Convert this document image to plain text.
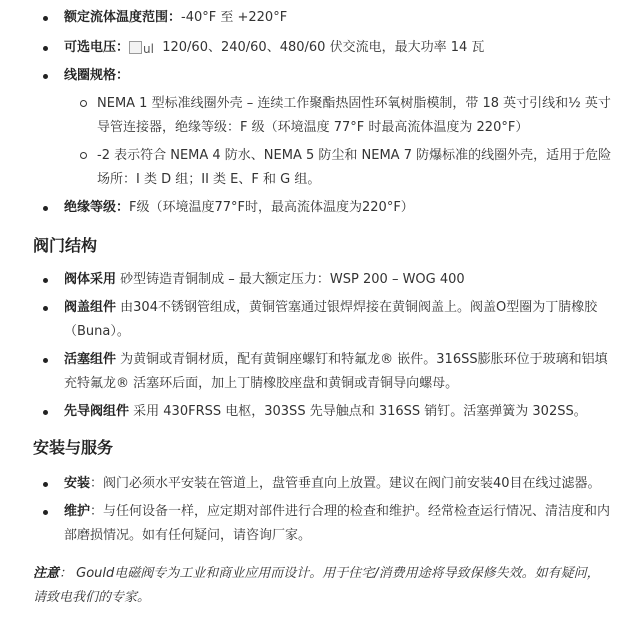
额定流体温度范围：-40°F 至 +220°F
可选电压： ul 120/60、240/60、480/60 伏交流电，最大功率 14 瓦
线圈规格：
NEMA 1 型标准线圈外壳 – 连续工作聚酯热固性环氧树脂模制，带 18 英寸引线和½ 英寸导管连接器，绝缘等级：F 级（环境温度 77°F 时最高流体温度为 220°F）
-2 表示符合 NEMA 4 防水、NEMA 5 防尘和 NEMA 7 防爆标准的线圈外壳，适用于危险场所：I 类 D 组；II 类 E、F 和 G 组。
绝缘等级：F级（环境温度77°F时，最高流体温度为220°F）
阀门结构
阀体采用 砂型铸造青铜制成 – 最大额定压力：WSP 200 – WOG 400
阀盖组件 由304不锈钢管组成，黄铜管塞通过银焊焊接在黄铜阀盖上。阀盖O型圈为丁腈橡胶（Buna）。
活塞组件 为黄铜或青铜材质，配有黄铜座螺钉和特氟龙® 嵌件。316SS膨胀环位于玻璃和铝填充特氟龙® 活塞环后面，加上丁腈橡胶座盘和黄铜或青铜导向螺母。
先导阀组件 采用 430FRSS 电枢，303SS 先导触点和 316SS 销钉。活塞弹簧为 302SS。
安装与服务
安装：阀门必须水平安装在管道上，盘管垂直向上放置。建议在阀门前安装40目在线过滤器。
维护：与任何设备一样，应定期对部件进行合理的检查和维护。经常检查运行情况、清洁度和内部磨损情况。如有任何疑问，请咨询厂家。

注意： Gould电磁阀专为工业和商业应用而设计。用于住宅/消费用途将导致保修失效。如有疑问，请致电我们的专家。
